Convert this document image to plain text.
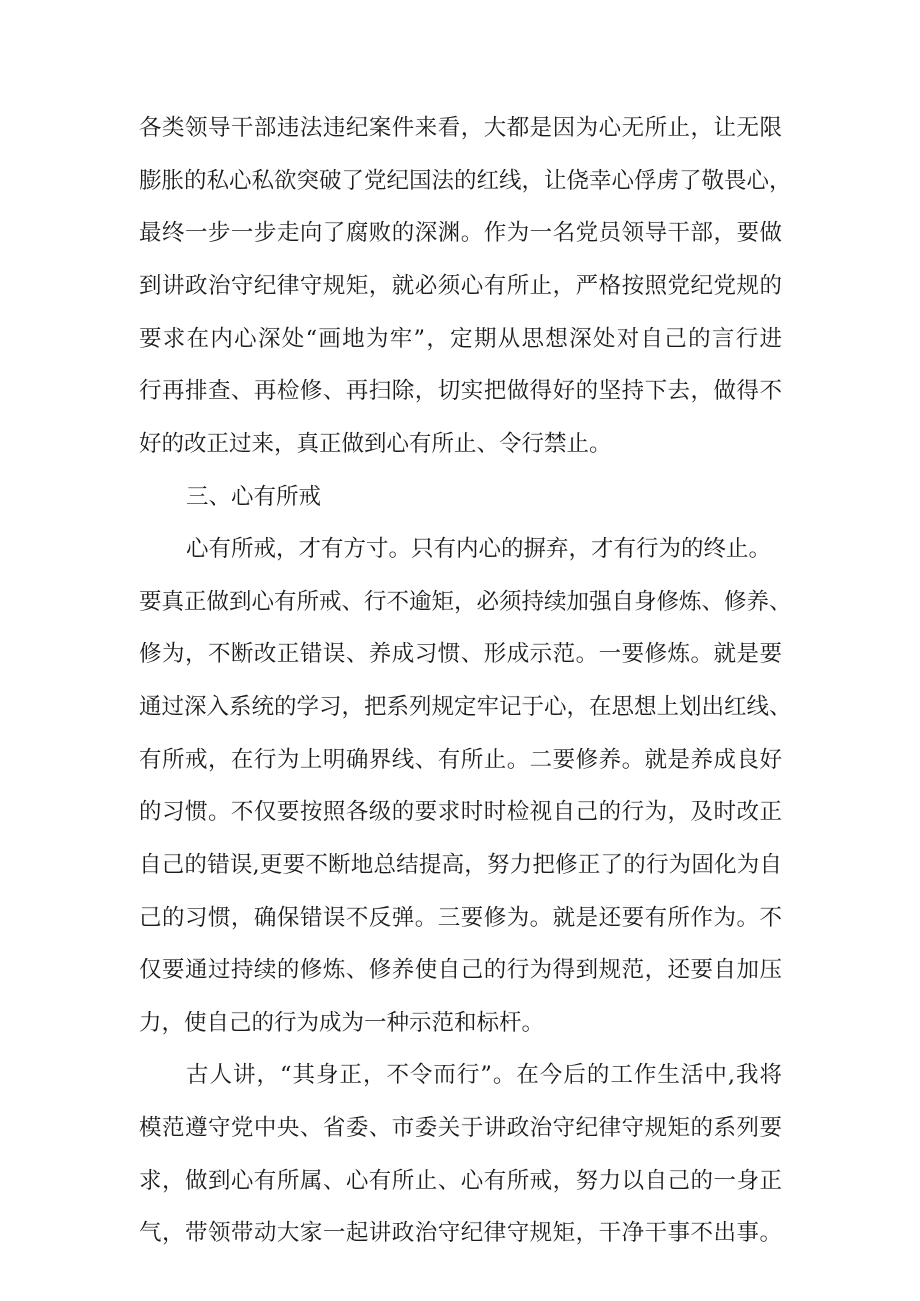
各类领导干部违法违纪案件来看，大都是因为心无所止，让无限
膨胀的私心私欲突破了党纪国法的红线，让侥幸心俘虏了敬畏心，
最终一步一步走向了腐败的深渊。作为一名党员领导干部，要做
到讲政治守纪律守规矩，就必须心有所止，严格按照党纪党规的
要求在内心深处“画地为牢”，定期从思想深处对自己的言行进
行再排查、再检修、再扫除，切实把做得好的坚持下去，做得不
好的改正过来，真正做到心有所止、令行禁止。
三、心有所戒
心有所戒，才有方寸。只有内心的摒弃，才有行为的终止。
要真正做到心有所戒、行不逾矩，必须持续加强自身修炼、修养、
修为，不断改正错误、养成习惯、形成示范。一要修炼。就是要
通过深入系统的学习，把系列规定牢记于心，在思想上划出红线、
有所戒，在行为上明确界线、有所止。二要修养。就是养成良好
的习惯。不仅要按照各级的要求时时检视自己的行为，及时改正
自己的错误,更要不断地总结提高，努力把修正了的行为固化为自
己的习惯，确保错误不反弹。三要修为。就是还要有所作为。不
仅要通过持续的修炼、修养使自己的行为得到规范，还要自加压
力，使自己的行为成为一种示范和标杆。
古人讲，“其身正，不令而行”。在今后的工作生活中,我将
模范遵守党中央、省委、市委关于讲政治守纪律守规矩的系列要
求，做到心有所属、心有所止、心有所戒，努力以自己的一身正
气，带领带动大家一起讲政治守纪律守规矩，干净干事不出事。
